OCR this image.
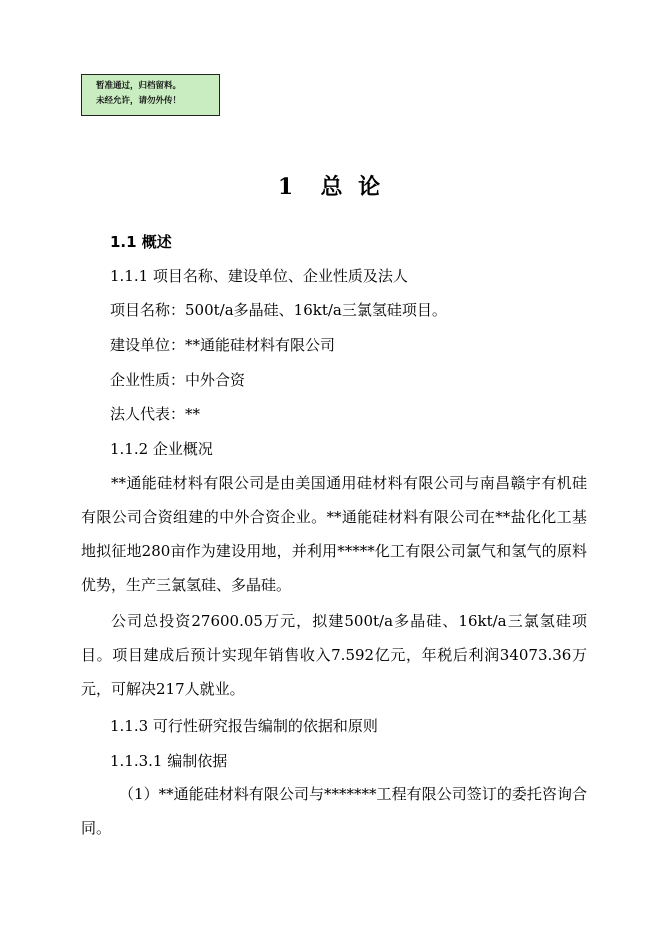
暂准通过，归档留料。
未经允许，请勿外传！
1  总 论
1.1 概述
1.1.1 项目名称、建设单位、企业性质及法人
项目名称：500t/a多晶硅、16kt/a三氯氢硅项目。
建设单位：**通能硅材料有限公司
企业性质：中外合资
法人代表：**
1.1.2 企业概况
**通能硅材料有限公司是由美国通用硅材料有限公司与南昌赣宇有机硅有限公司合资组建的中外合资企业。**通能硅材料有限公司在**盐化化工基地拟征地280亩作为建设用地，并利用*****化工有限公司氯气和氢气的原料优势，生产三氯氢硅、多晶硅。
公司总投资27600.05万元，拟建500t/a多晶硅、16kt/a三氯氢硅项目。项目建成后预计实现年销售收入7.592亿元，年税后利润34073.36万元，可解决217人就业。
1.1.3 可行性研究报告编制的依据和原则
1.1.3.1 编制依据
（1）**通能硅材料有限公司与*******工程有限公司签订的委托咨询合同。
